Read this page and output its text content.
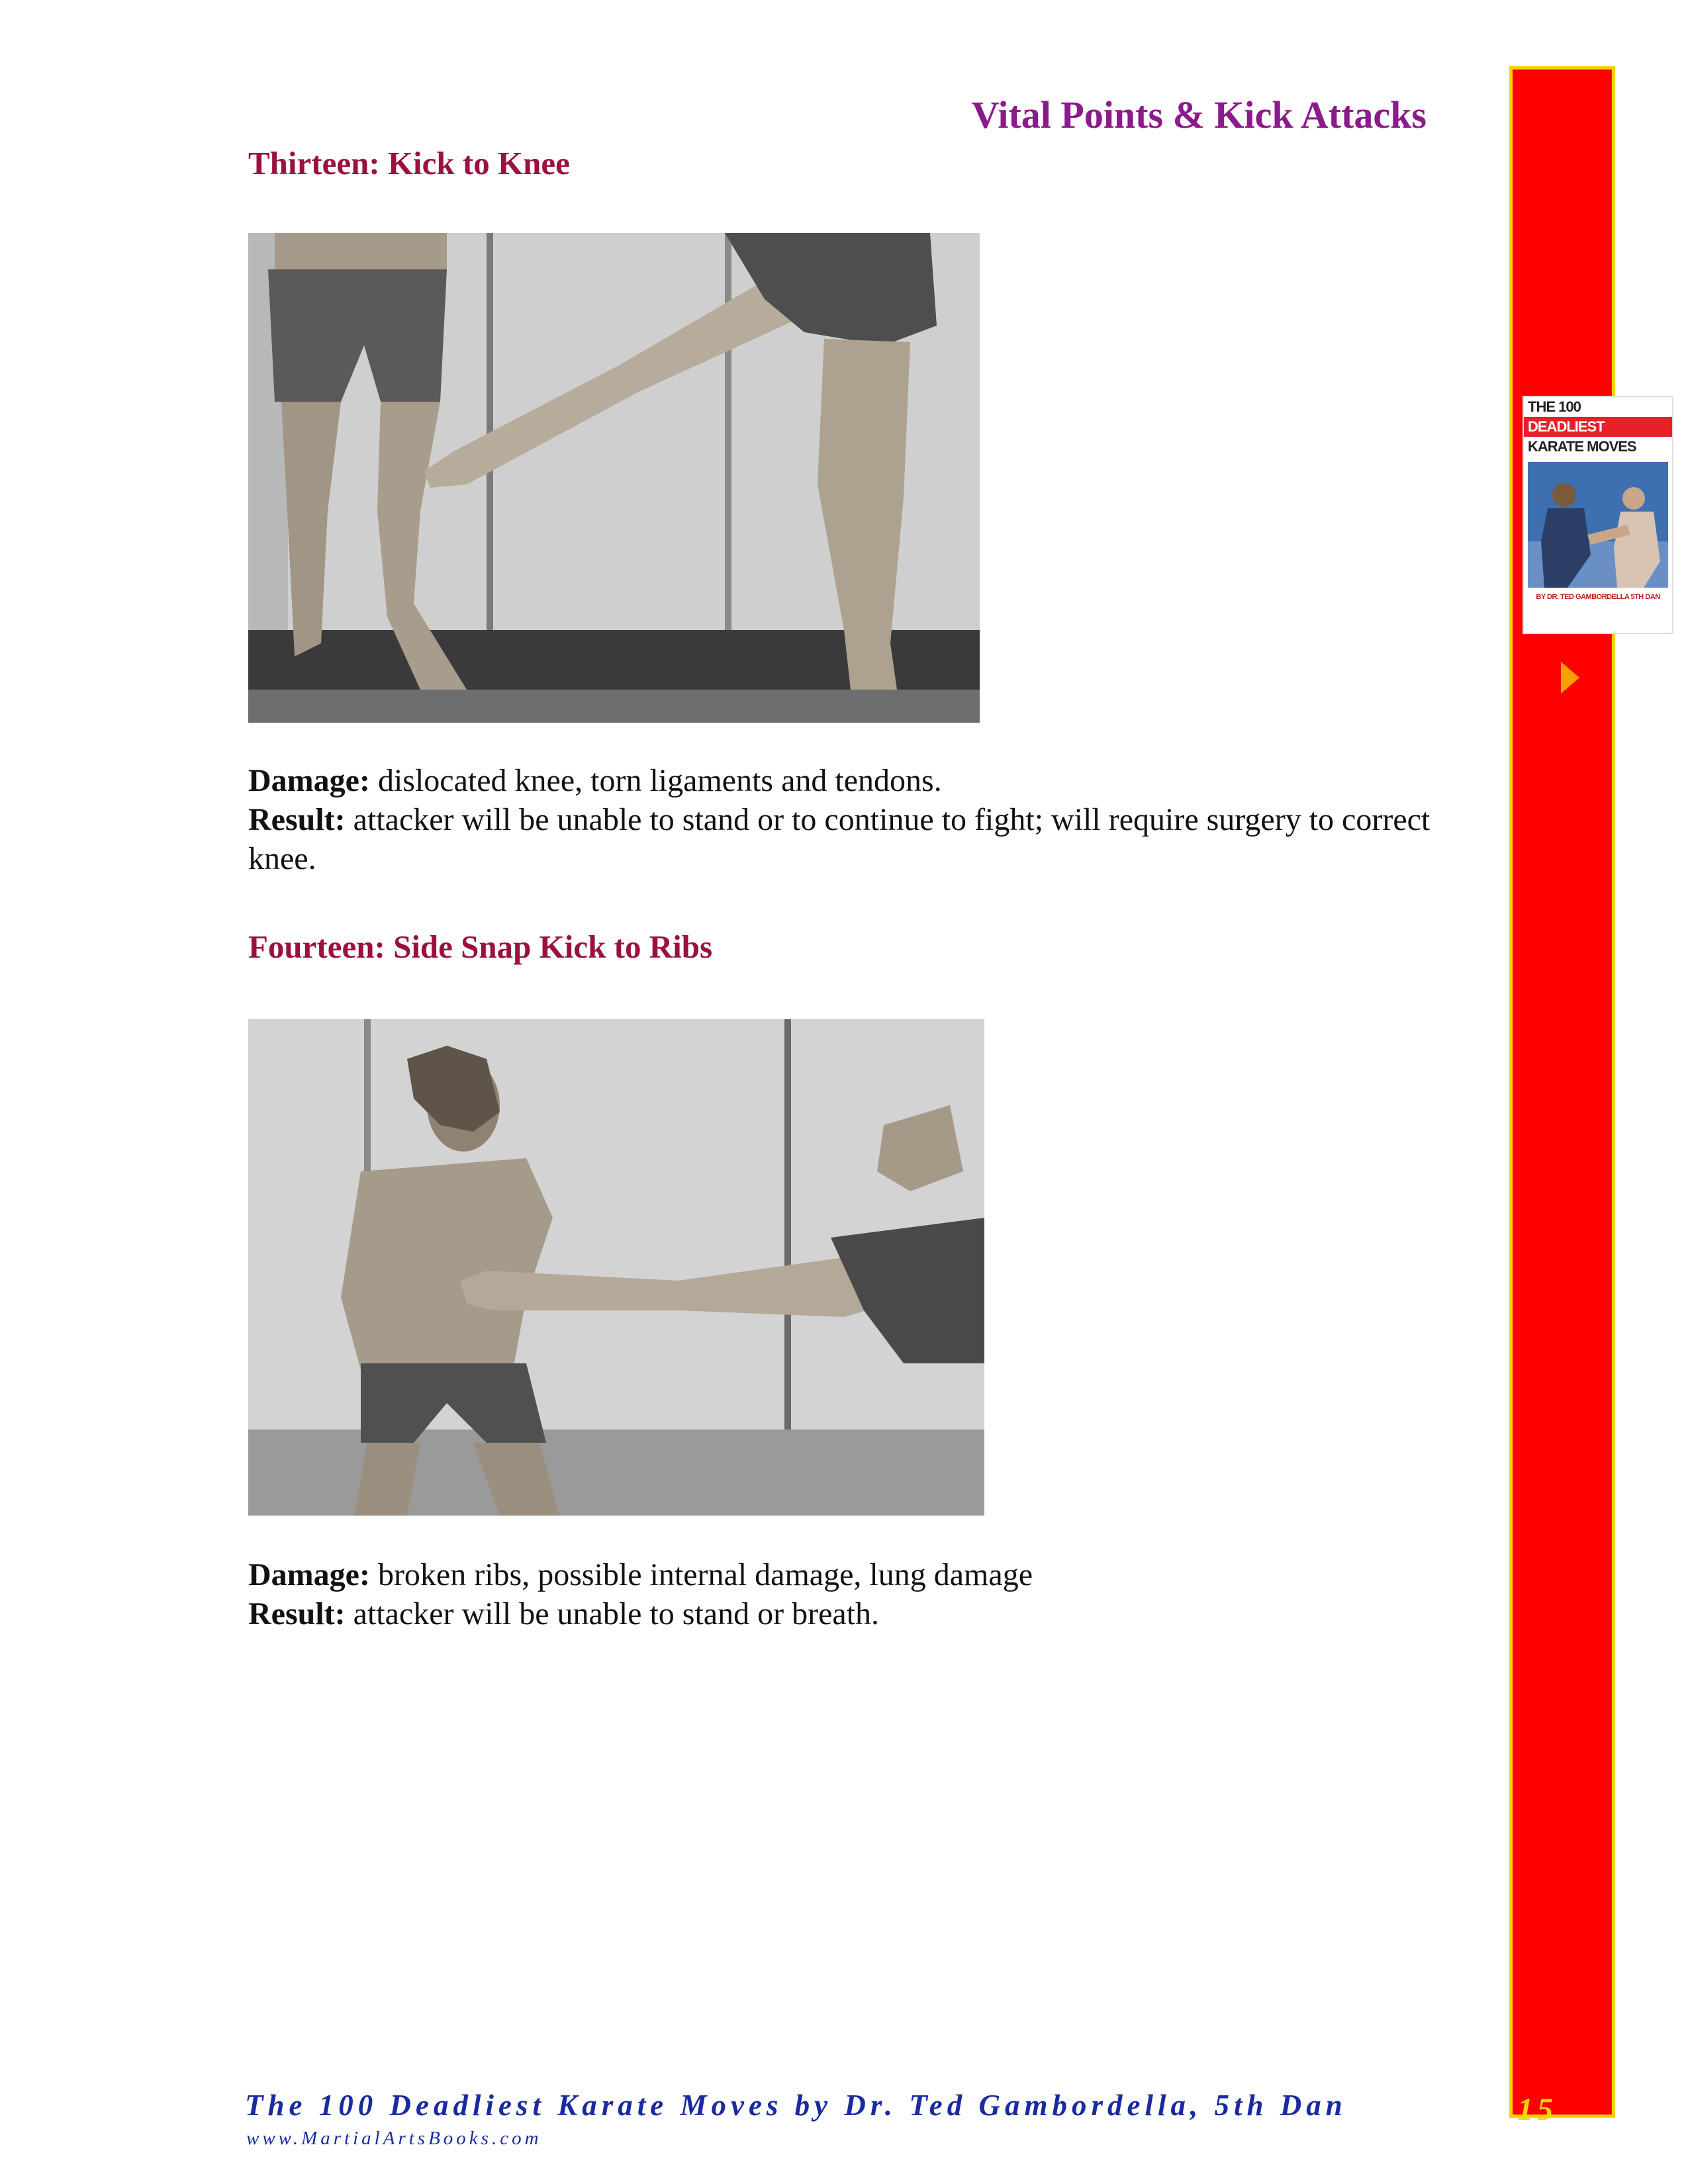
Vital Points & Kick Attacks
Thirteen: Kick to Knee

Damage: dislocated knee, torn ligaments and tendons.

Result: attacker will be unable to stand or to continue to fight; will require surgery to correct knee.

Fourteen: Side Snap Kick to Ribs

Damage: broken ribs, possible internal damage, lung damage

Result: attacker will be unable to stand or breath.

THE 100
DEADLIEST
KARATE MOVES
BY DR. TED GAMBORDELLA 5TH DAN
The 100 Deadliest Karate Moves by Dr. Ted Gambordella, 5th Dan
www.MartialArtsBooks.com
15
